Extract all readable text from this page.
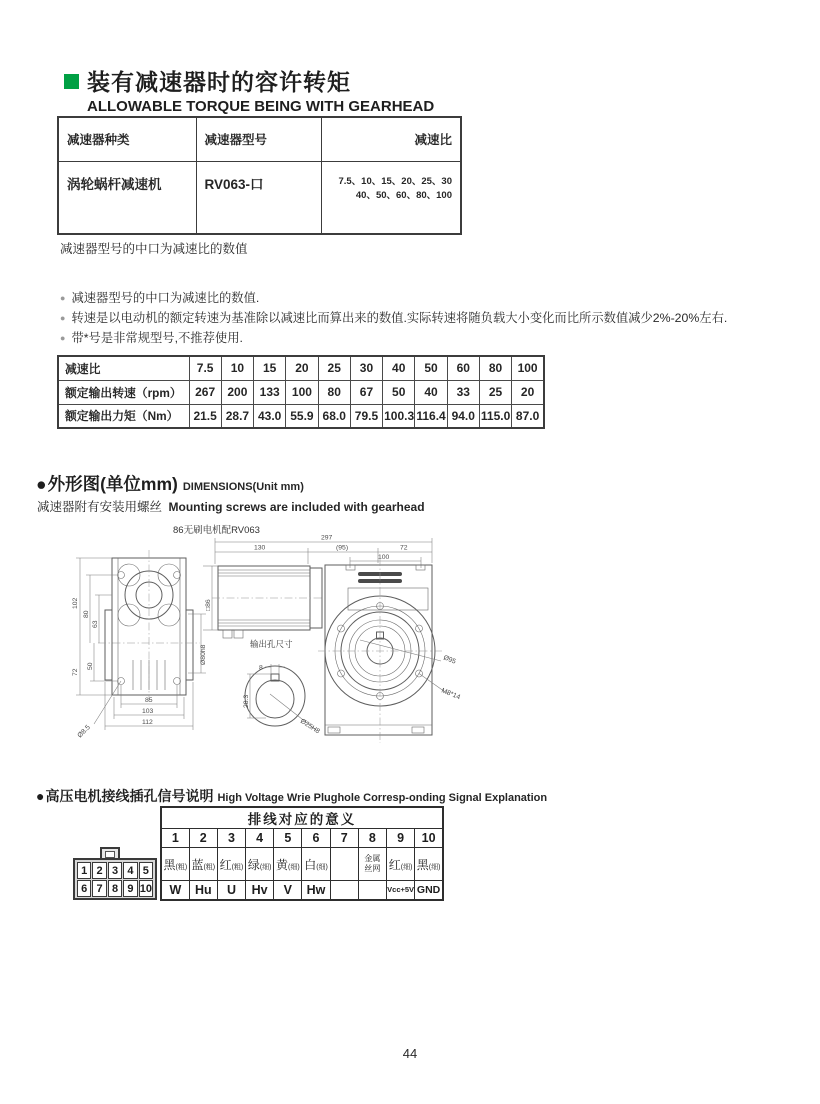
装有减速器时的容许转矩
ALLOWABLE TORQUE BEING WITH GEARHEAD
减速器种类	减速器型号	减速比
涡轮蜗杆减速机	RV063-口	7.5、10、15、20、25、30
40、50、60、80、100
减速器型号的中口为减速比的数值
● 减速器型号的中口为减速比的数值.
● 转速是以电动机的额定转速为基准除以减速比而算出来的数值.实际转速将随负载大小变化而比所示数值减少2%-20%左右.
● 带*号是非常规型号,不推荐使用.
减速比	7.5	10	15	20	25	30	40	50	60	80	100
额定输出转速（rpm）	267	200	133	100	80	67	50	40	33	25	20
额定输出力矩（Nm）	21.5	28.7	43.0	55.9	68.0	79.5	100.3	116.4	94.0	115.0	87.0
● 外形图(单位mm) DIMENSIONS(Unit mm)
减速器附有安装用螺丝 Mounting screws are included with gearhead
86无刷电机配RV063
102
72
80
63
50
85
103
112
Ø8.5
Ø80h8
□86
297
130	(95)	72
100
输出孔尺寸
8
28.3
Ø25H8
Ø95
M8*14
● 高压电机接线插孔信号说明 High Voltage Wrie Plughole Corresp-onding Signal Explanation
1 2 3 4 5
6 7 8 9 10
排线对应的意义									
1	2	3	4	5	6	7	8	9	10
黑(粗)	蓝(粗)	红(粗)	绿(细)	黄(细)	白(细)		金属丝网	红(细)	黑(细)
W	Hu	U	Hv	V	Hw			Vcc+5V	GND
44
